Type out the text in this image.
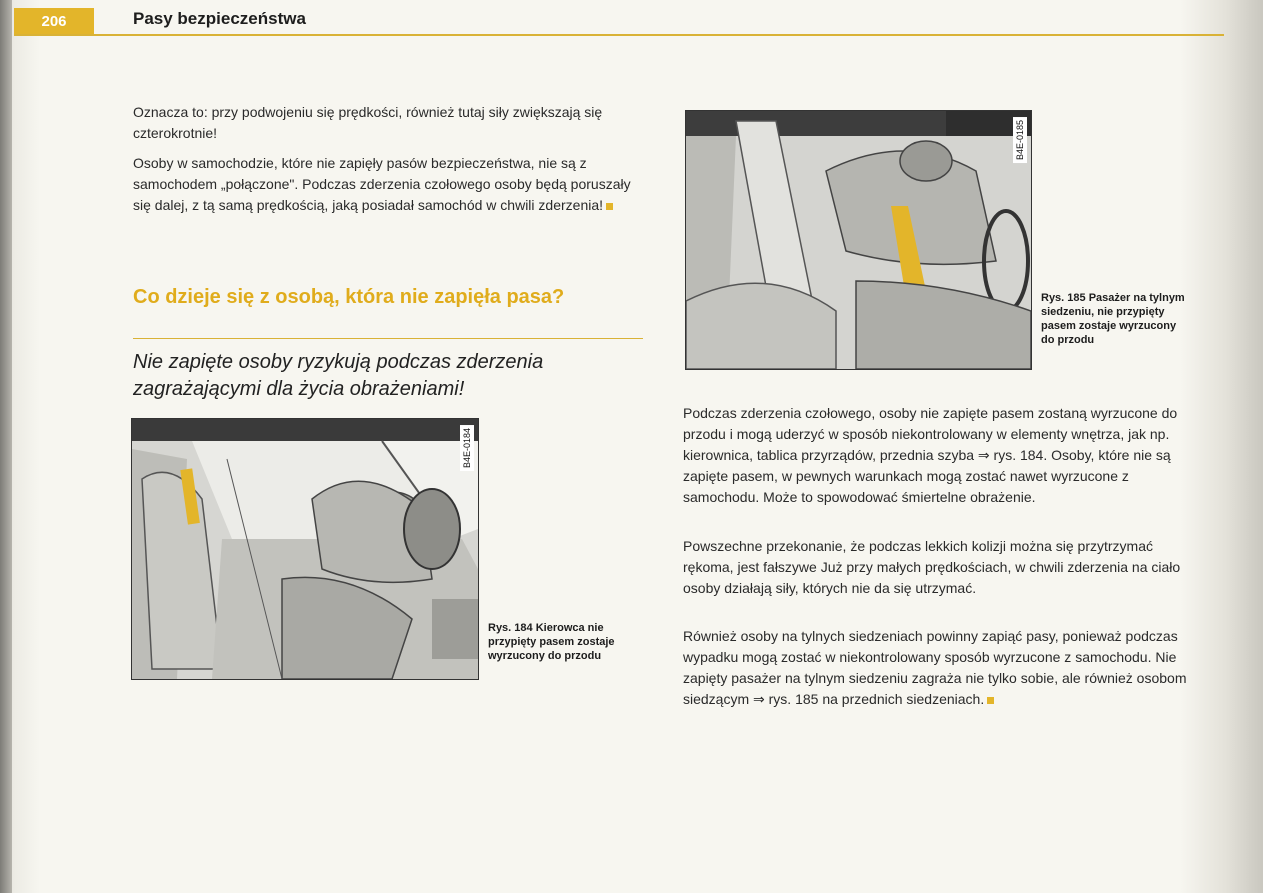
206	Pasy bezpieczeństwa

Oznacza to: przy podwojeniu się prędkości, również tutaj siły zwiększają się czterokrotnie!

Osoby w samochodzie, które nie zapięły pasów bezpieczeństwa, nie są z samochodem „połączone". Podczas zderzenia czołowego osoby będą poruszały się dalej, z tą samą prędkością, jaką posiadał samochód w chwili zderzenia!

Co dzieje się z osobą, która nie zapięła pasa?

Nie zapięte osoby ryzykują podczas zderzenia zagrażającymi dla życia obrażeniami!

B4E-0184

Rys. 184 Kierowca nie przypięty pasem zostaje wyrzucony do przodu

B4E-0185

Rys. 185 Pasażer na tylnym siedzeniu, nie przypięty pasem zostaje wyrzucony do przodu

Podczas zderzenia czołowego, osoby nie zapięte pasem zostaną wyrzucone do przodu i mogą uderzyć w sposób niekontrolowany w elementy wnętrza, jak np. kierownica, tablica przyrządów, przednia szyba ⇒ rys. 184. Osoby, które nie są zapięte pasem, w pewnych warunkach mogą zostać nawet wyrzucone z samochodu. Może to spowodować śmiertelne obrażenie.

Powszechne przekonanie, że podczas lekkich kolizji można się przytrzymać rękoma, jest fałszywe Już przy małych prędkościach, w chwili zderzenia na ciało osoby działają siły, których nie da się utrzymać.

Również osoby na tylnych siedzeniach powinny zapiąć pasy, ponieważ podczas wypadku mogą zostać w niekontrolowany sposób wyrzucone z samochodu. Nie zapięty pasażer na tylnym siedzeniu zagraża nie tylko sobie, ale również osobom siedzącym ⇒ rys. 185 na przednich siedzeniach.
